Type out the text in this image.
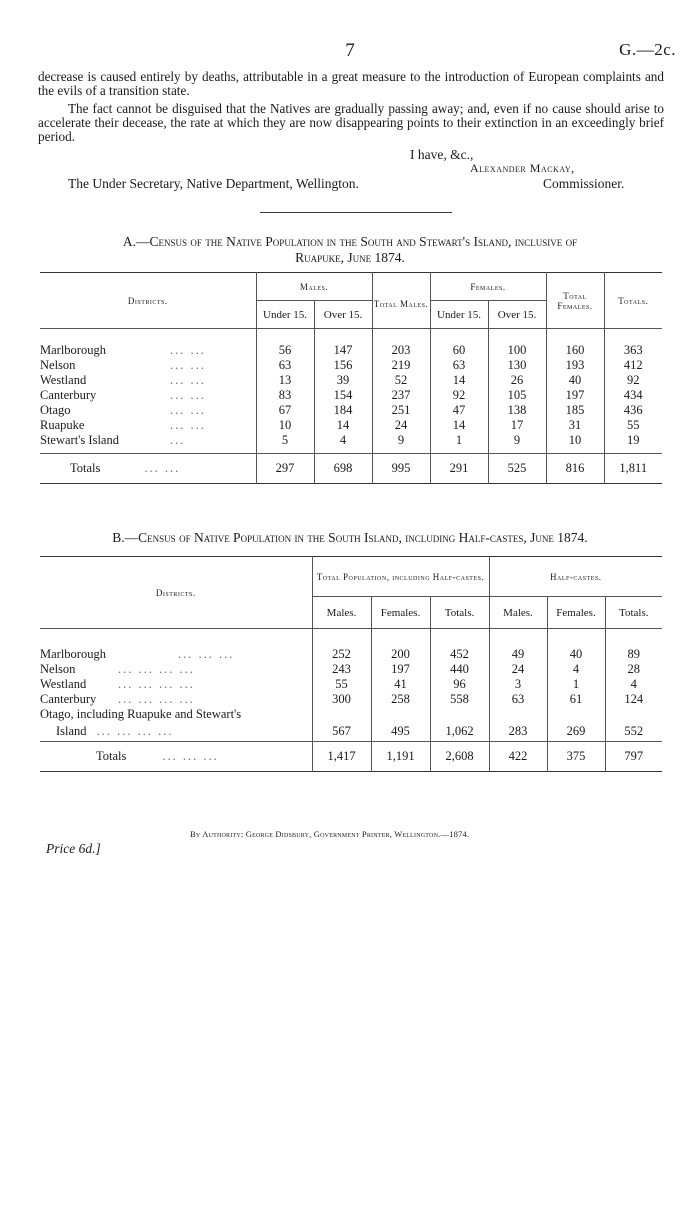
7	G.—2c.
decrease is caused entirely by deaths, attributable in a great measure to the introduction of European complaints and the evils of a transition state.
The fact cannot be disguised that the Natives are gradually passing away; and, even if no cause should arise to accelerate their decease, the rate at which they are now disappearing points to their extinction in an exceedingly brief period.
I have, &c.,
Alexander Mackay,
The Under Secretary, Native Department, Wellington.	Commissioner.
A.—Census of the Native Population in the South and Stewart's Island, inclusive of
Ruapuke, June 1874.
Districts.	Males.		Total Males.	Females.		Total Females.	Totals.
	Under 15.	Over 15.		Under 15.	Over 15.		

Marlborough ... ...	56	147	203	60	100	160	363
Nelson ... ...	63	156	219	63	130	193	412
Westland ... ...	13	39	52	14	26	40	92
Canterbury ... ...	83	154	237	92	105	197	434
Otago ... ...	67	184	251	47	138	185	436
Ruapuke ... ...	10	14	24	14	17	31	55
Stewart's Island ...	5	4	9	1	9	10	19

Totals ... ...	297	698	995	291	525	816	1,811
B.—Census of Native Population in the South Island, including Half-castes, June 1874.
Districts.	Total Population, including Half-castes.			Half-castes.		
	Males.	Females.	Totals.	Males.	Females.	Totals.

Marlborough ... ... ...	252	200	452	49	40	89
Nelson ... ... ... ...	243	197	440	24	4	28
Westland ... ... ... ...	55	41	96	3	1	4
Canterbury ... ... ... ...	300	258	558	63	61	124
Otago, including Ruapuke and Stewart's						
Island ... ... ... ...	567	495	1,062	283	269	552
Totals ... ... ...	1,417	1,191	2,608	422	375	797
By Authority: George Didsbury, Government Printer, Wellington.—1874.
Price 6d.]
